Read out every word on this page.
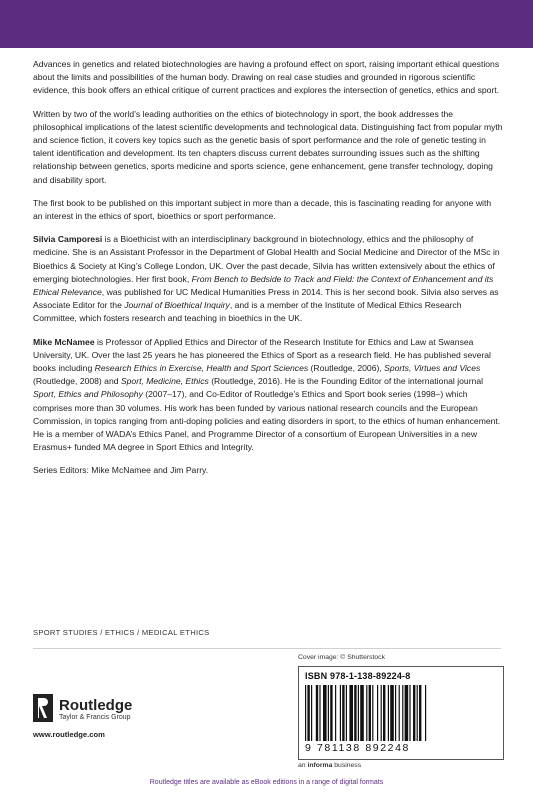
Advances in genetics and related biotechnologies are having a profound effect on sport, raising important ethical questions about the limits and possibilities of the human body. Drawing on real case studies and grounded in rigorous scientific evidence, this book offers an ethical critique of current practices and explores the intersection of genetics, ethics and sport.

Written by two of the world’s leading authorities on the ethics of biotechnology in sport, the book addresses the philosophical implications of the latest scientific developments and technological data. Distinguishing fact from popular myth and science fiction, it covers key topics such as the genetic basis of sport performance and the role of genetic testing in talent identification and development. Its ten chapters discuss current debates surrounding issues such as the shifting relationship between genetics, sports medicine and sports science, gene enhancement, gene transfer technology, doping and disability sport.

The first book to be published on this important subject in more than a decade, this is fascinating reading for anyone with an interest in the ethics of sport, bioethics or sport performance.

Silvia Camporesi is a Bioethicist with an interdisciplinary background in biotechnology, ethics and the philosophy of medicine. She is an Assistant Professor in the Department of Global Health and Social Medicine and Director of the MSc in Bioethics & Society at King’s College London, UK. Over the past decade, Silvia has written extensively about the ethics of emerging biotechnologies. Her first book, From Bench to Bedside to Track and Field: the Context of Enhancement and its Ethical Relevance, was published for UC Medical Humanities Press in 2014. This is her second book. Silvia also serves as Associate Editor for the Journal of Bioethical Inquiry, and is a member of the Institute of Medical Ethics Research Committee, which fosters research and teaching in bioethics in the UK.

Mike McNamee is Professor of Applied Ethics and Director of the Research Institute for Ethics and Law at Swansea University, UK. Over the last 25 years he has pioneered the Ethics of Sport as a research field. He has published several books including Research Ethics in Exercise, Health and Sport Sciences (Routledge, 2006), Sports, Virtues and Vices (Routledge, 2008) and Sport, Medicine, Ethics (Routledge, 2016). He is the Founding Editor of the international journal Sport, Ethics and Philosophy (2007–17), and Co-Editor of Routledge’s Ethics and Sport book series (1998–) which comprises more than 30 volumes. His work has been funded by various national research councils and the European Commission, in topics ranging from anti-doping policies and eating disorders in sport, to the ethics of human enhancement. He is a member of WADA’s Ethics Panel, and Programme Director of a consortium of European Universities in a new Erasmus+ funded MA degree in Sport Ethics and Integrity.

Series Editors: Mike McNamee and Jim Parry.
SPORT STUDIES / ETHICS / MEDICAL ETHICS
Routledge
Taylor & Francis Group
www.routledge.com
Cover image: © Shutterstock
ISBN 978-1-138-89224-8
9 781138 892248
an informa business
Routledge titles are available as eBook editions in a range of digital formats
